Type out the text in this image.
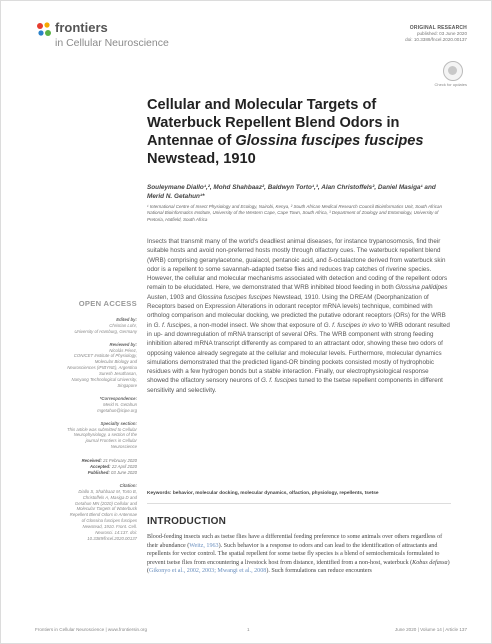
frontiers
in Cellular Neuroscience
ORIGINAL RESEARCH
published: 03 June 2020
doi: 10.3389/fncel.2020.00137
Check for updates
Cellular and Molecular Targets of Waterbuck Repellent Blend Odors in Antennae of Glossina fuscipes fuscipes Newstead, 1910
Souleymane Diallo¹,², Mohd Shahbaaz², Baldwyn Torto¹,³, Alan Christoffels², Daniel Masiga¹ and Merid N. Getahun¹*
¹ International Centre of Insect Physiology and Ecology, Nairobi, Kenya, ² South African Medical Research Council Bioinformatics Unit, South African National Bioinformatics Institute, University of the Western Cape, Cape Town, South Africa, ³ Department of Zoology and Entomology, University of Pretoria, Hatfield, South Africa
Insects that transmit many of the world's deadliest animal diseases, for instance trypanosomosis, find their suitable hosts and avoid non-preferred hosts mostly through olfactory cues. The waterbuck repellent blend (WRB) comprising geranylacetone, guaiacol, pentanoic acid, and δ-octalactone derived from waterbuck skin odor is a repellent to some savannah-adapted tsetse flies and reduces trap catches of riverine species. However, the cellular and molecular mechanisms associated with detection and coding of the repellent odors remain to be elucidated. Here, we demonstrated that WRB inhibited blood feeding in both Glossina pallidipes Austen, 1903 and Glossina fuscipes fuscipes Newstead, 1910. Using the DREAM (Deorphanization of Receptors based on Expression Alterations in odorant receptor mRNA levels) technique, combined with ortholog comparison and molecular docking, we predicted the putative odorant receptors (ORs) for the WRB in G. f. fuscipes, a non-model insect. We show that exposure of G. f. fuscipes in vivo to WRB odorant resulted in up- and downregulation of mRNA transcript of several ORs. The WRB component with strong feeding inhibition altered mRNA transcript differently as compared to an attractant odor, showing these two odors of opposing valence already segregate at the cellular and molecular levels. Furthermore, molecular dynamics simulations demonstrated that the predicted ligand-OR binding pockets consisted mostly of hydrophobic residues with a few hydrogen bonds but a stable interaction. Finally, our electrophysiological response showed the olfactory sensory neurons of G. f. fuscipes tuned to the tsetse repellent components in different sensitivity and selectivity.
Keywords: behavior, molecular docking, molecular dynamics, olfaction, physiology, repellents, tsetse
INTRODUCTION
Blood-feeding insects such as tsetse flies have a differential feeding preference to some animals over others regardless of their abundance (Weitz, 1963). Such behavior is a response to odors and can lead to the identification of attractants and repellents for vector control. The spatial repellent for some tsetse fly species is a blend of semiochemicals formulated to prevent tsetse flies from encountering a livestock host from distance, identified from a non-host, waterbuck (Kobus defassa) (Gikonyo et al., 2002, 2003; Mwangi et al., 2008). Such formulations can reduce encounters
OPEN ACCESS
Edited by:
Christian Lohr,
University of Hamburg, Germany
Reviewed by:
Nicolás Pérez,
CONICET Institute of Physiology, Molecular Biology and Neurosciences (IFIBYNE), Argentina
Suresh Jesuthasan,
Nanyang Technological University, Singapore
*Correspondence:
Merid N. Getahun
mgetahun@icipe.org
Specialty section:
This article was submitted to Cellular Neurophysiology, a section of the journal Frontiers in Cellular Neuroscience
Received: 21 February 2020
Accepted: 22 April 2020
Published: 03 June 2020
Citation:
Diallo S, Shahbaaz M, Torto B, Christoffels A, Masiga D and Getahun MN (2020) Cellular and Molecular Targets of Waterbuck Repellent Blend Odors in Antennae of Glossina fuscipes fuscipes Newstead, 1910. Front. Cell. Neurosci. 14:137. doi: 10.3389/fncel.2020.00137
Frontiers in Cellular Neuroscience | www.frontiersin.org	1	June 2020 | Volume 14 | Article 137
